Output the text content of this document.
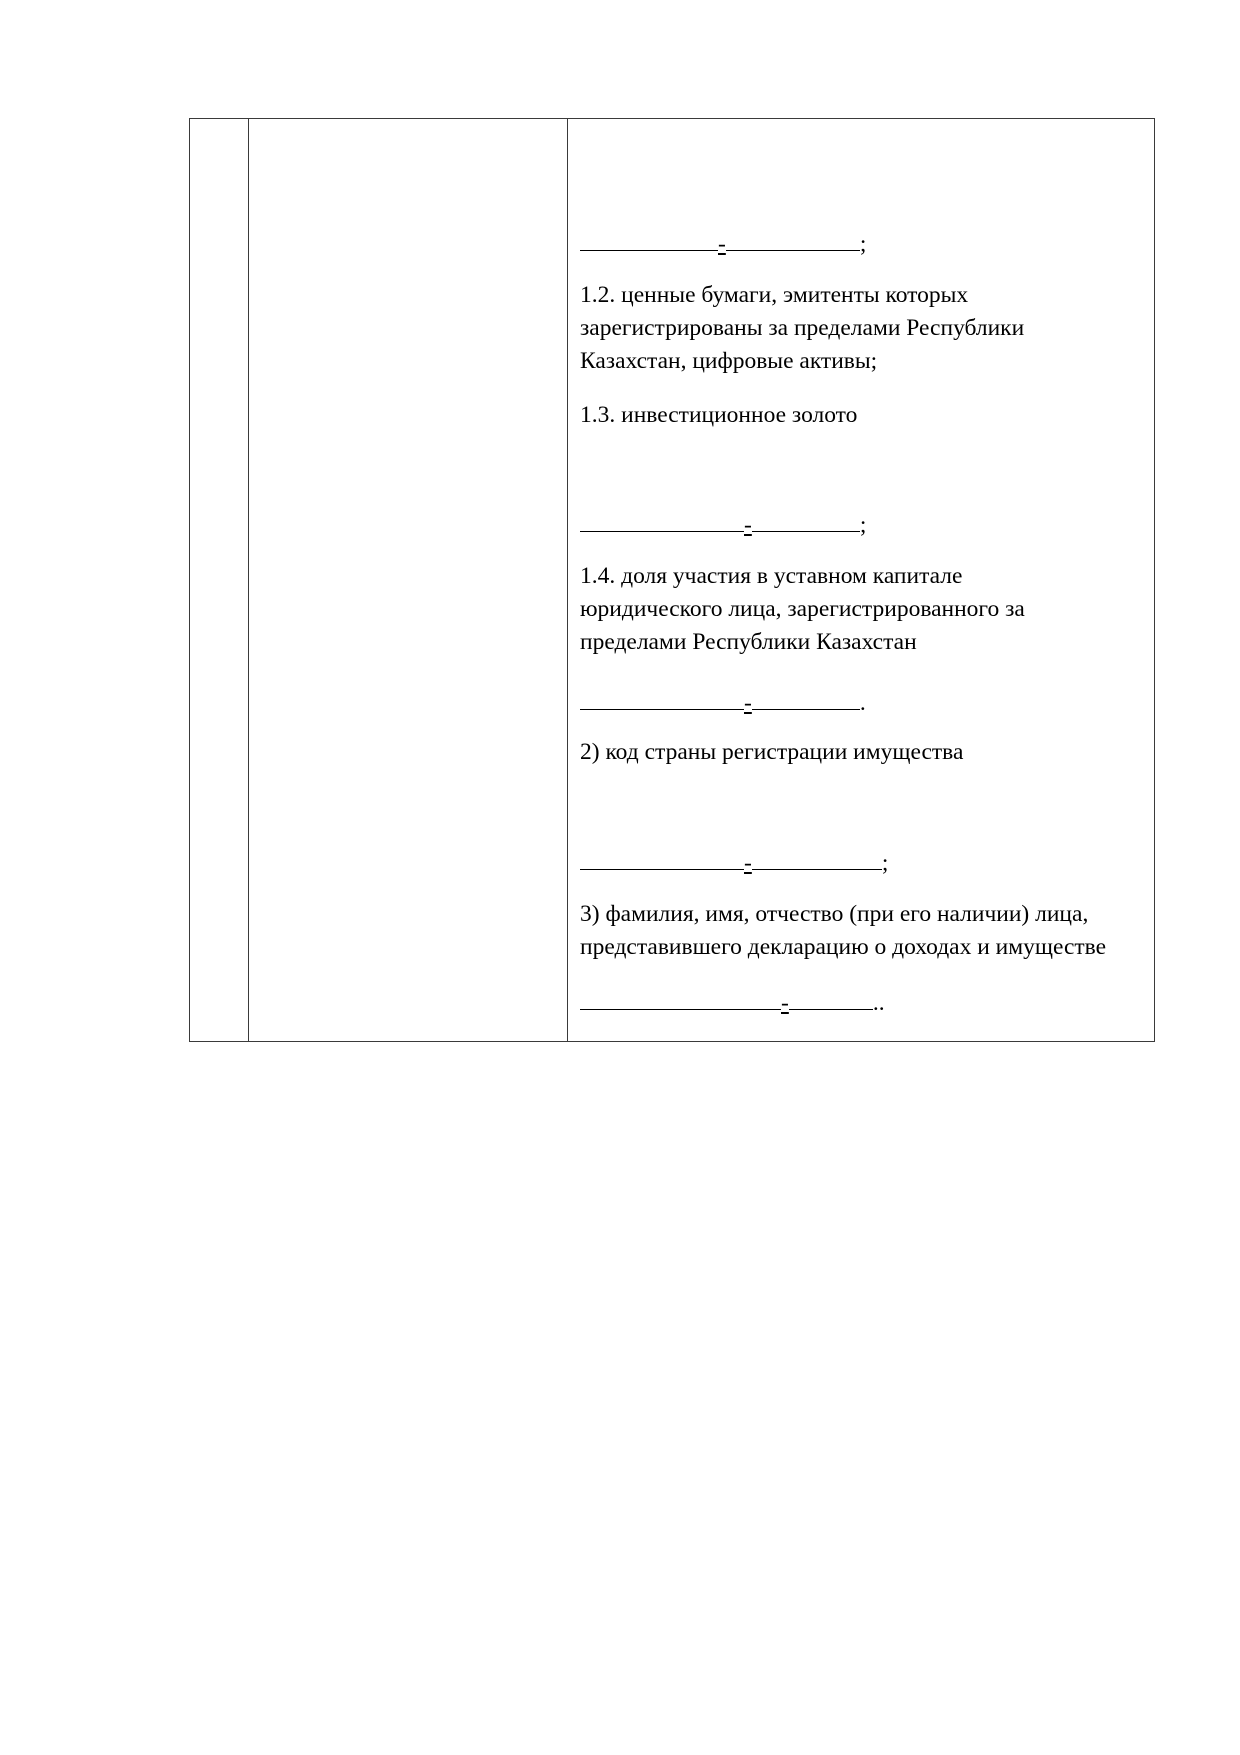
-	;

1.2. ценные бумаги, эмитенты которых

зарегистрированы за пределами Республики

Казахстан, цифровые активы;

1.3. инвестиционное золото

-	;

1.4. доля участия в уставном капитале

юридического лица, зарегистрированного за

пределами Республики Казахстан

-	.

2) код страны регистрации имущества

-	;

3) фамилия, имя, отчество (при его наличии) лица,

представившего декларацию о доходах и имуществе

-	..
